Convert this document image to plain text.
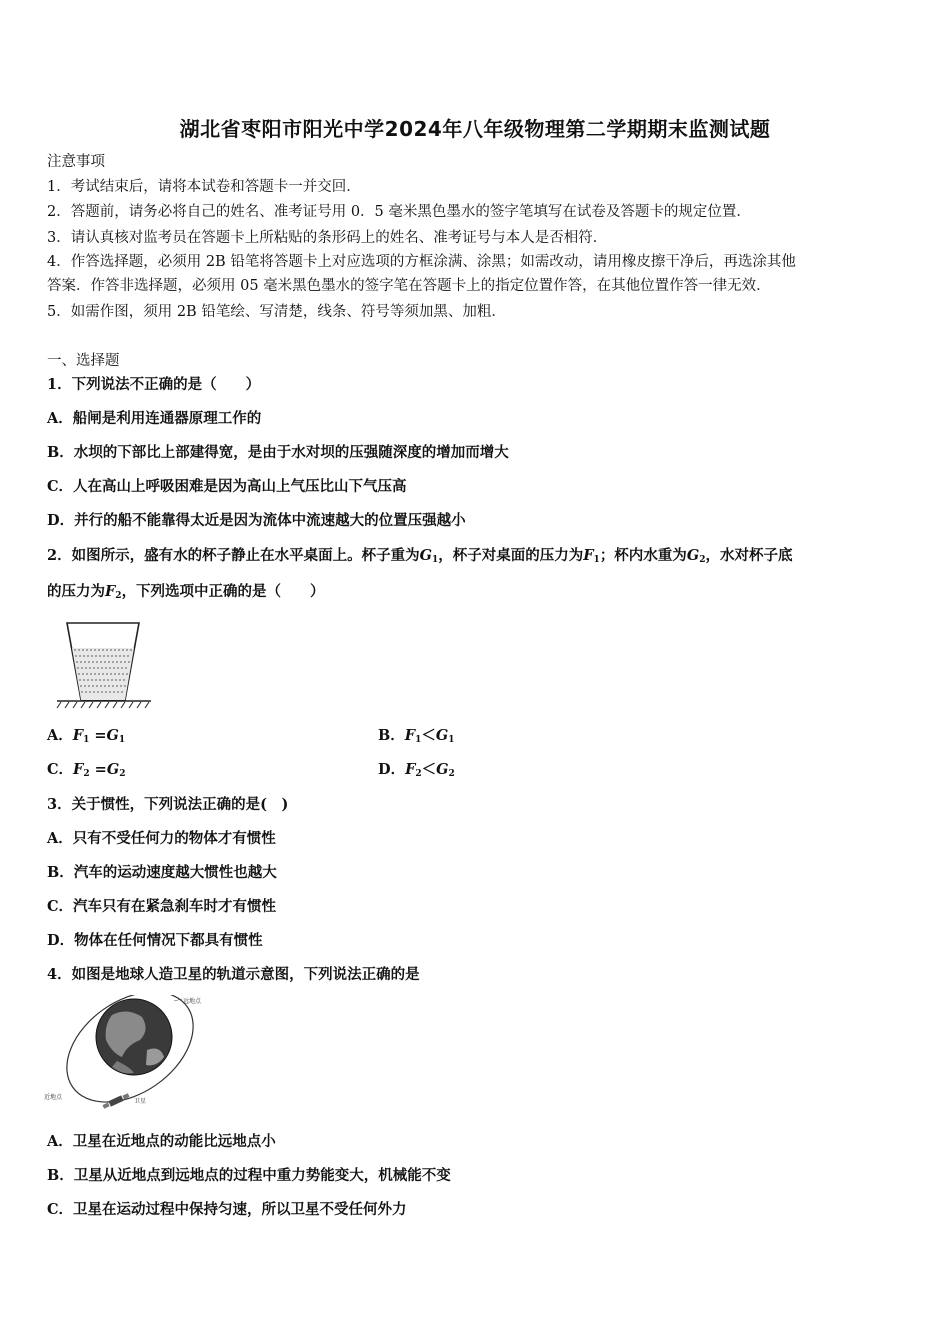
湖北省枣阳市阳光中学2024年八年级物理第二学期期末监测试题
注意事项
1．考试结束后，请将本试卷和答题卡一并交回．
2．答题前，请务必将自己的姓名、准考证号用 0．5 毫米黑色墨水的签字笔填写在试卷及答题卡的规定位置．
3．请认真核对监考员在答题卡上所粘贴的条形码上的姓名、准考证号与本人是否相符．
4．作答选择题，必须用 2B 铅笔将答题卡上对应选项的方框涂满、涂黑；如需改动，请用橡皮擦干净后，再选涂其他
答案．作答非选择题，必须用 05 毫米黑色墨水的签字笔在答题卡上的指定位置作答，在其他位置作答一律无效．
5．如需作图，须用 2B 铅笔绘、写清楚，线条、符号等须加黑、加粗．
一、选择题
1．下列说法不正确的是（　　）
A．船闸是利用连通器原理工作的
B．水坝的下部比上部建得宽，是由于水对坝的压强随深度的增加而增大
C．人在高山上呼吸困难是因为高山上气压比山下气压高
D．并行的船不能靠得太近是因为流体中流速越大的位置压强越小
2．如图所示，盛有水的杯子静止在水平桌面上。杯子重为$G_1$，杯子对桌面的压力为$F_1$；杯内水重为$G_2$，水对杯子底
的压力为$F_2$，下列选项中正确的是（　　）
A．$F_1 =G_1$	B．$F_1<G_1$
C．$F_2 =G_2$	D．$F_2<G_2$
3．关于惯性，下列说法正确的是(　)
A．只有不受任何力的物体才有惯性
B．汽车的运动速度越大惯性也越大
C．汽车只有在紧急刹车时才有惯性
D．物体在任何情况下都具有惯性
4．如图是地球人造卫星的轨道示意图，下列说法正确的是
远地点
近地点
卫星
A．卫星在近地点的动能比远地点小
B．卫星从近地点到远地点的过程中重力势能变大，机械能不变
C．卫星在运动过程中保持匀速，所以卫星不受任何外力
